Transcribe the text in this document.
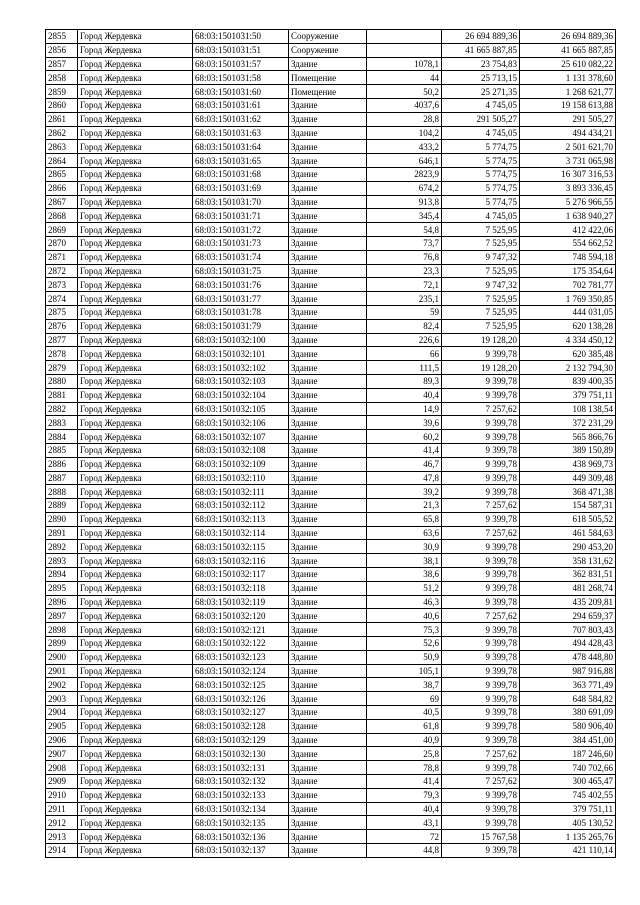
2855	Город Жердевка	68:03:1501031:50	Сооружение		26 694 889,36	26 694 889,36
2856	Город Жердевка	68:03:1501031:51	Сооружение		41 665 887,85	41 665 887,85
2857	Город Жердевка	68:03:1501031:57	Здание	1078,1	23 754,83	25 610 082,22
2858	Город Жердевка	68:03:1501031:58	Помещение	44	25 713,15	1 131 378,60
2859	Город Жердевка	68:03:1501031:60	Помещение	50,2	25 271,35	1 268 621,77
2860	Город Жердевка	68:03:1501031:61	Здание	4037,6	4 745,05	19 158 613,88
2861	Город Жердевка	68:03:1501031:62	Здание	28,8	291 505,27	291 505,27
2862	Город Жердевка	68:03:1501031:63	Здание	104,2	4 745,05	494 434,21
2863	Город Жердевка	68:03:1501031:64	Здание	433,2	5 774,75	2 501 621,70
2864	Город Жердевка	68:03:1501031:65	Здание	646,1	5 774,75	3 731 065,98
2865	Город Жердевка	68:03:1501031:68	Здание	2823,9	5 774,75	16 307 316,53
2866	Город Жердевка	68:03:1501031:69	Здание	674,2	5 774,75	3 893 336,45
2867	Город Жердевка	68:03:1501031:70	Здание	913,8	5 774,75	5 276 966,55
2868	Город Жердевка	68:03:1501031:71	Здание	345,4	4 745,05	1 638 940,27
2869	Город Жердевка	68:03:1501031:72	Здание	54,8	7 525,95	412 422,06
2870	Город Жердевка	68:03:1501031:73	Здание	73,7	7 525,95	554 662,52
2871	Город Жердевка	68:03:1501031:74	Здание	76,8	9 747,32	748 594,18
2872	Город Жердевка	68:03:1501031:75	Здание	23,3	7 525,95	175 354,64
2873	Город Жердевка	68:03:1501031:76	Здание	72,1	9 747,32	702 781,77
2874	Город Жердевка	68:03:1501031:77	Здание	235,1	7 525,95	1 769 350,85
2875	Город Жердевка	68:03:1501031:78	Здание	59	7 525,95	444 031,05
2876	Город Жердевка	68:03:1501031:79	Здание	82,4	7 525,95	620 138,28
2877	Город Жердевка	68:03:1501032:100	Здание	226,6	19 128,20	4 334 450,12
2878	Город Жердевка	68:03:1501032:101	Здание	66	9 399,78	620 385,48
2879	Город Жердевка	68:03:1501032:102	Здание	111,5	19 128,20	2 132 794,30
2880	Город Жердевка	68:03:1501032:103	Здание	89,3	9 399,78	839 400,35
2881	Город Жердевка	68:03:1501032:104	Здание	40,4	9 399,78	379 751,11
2882	Город Жердевка	68:03:1501032:105	Здание	14,9	7 257,62	108 138,54
2883	Город Жердевка	68:03:1501032:106	Здание	39,6	9 399,78	372 231,29
2884	Город Жердевка	68:03:1501032:107	Здание	60,2	9 399,78	565 866,76
2885	Город Жердевка	68:03:1501032:108	Здание	41,4	9 399,78	389 150,89
2886	Город Жердевка	68:03:1501032:109	Здание	46,7	9 399,78	438 969,73
2887	Город Жердевка	68:03:1501032:110	Здание	47,8	9 399,78	449 309,48
2888	Город Жердевка	68:03:1501032:111	Здание	39,2	9 399,78	368 471,38
2889	Город Жердевка	68:03:1501032:112	Здание	21,3	7 257,62	154 587,31
2890	Город Жердевка	68:03:1501032:113	Здание	65,8	9 399,78	618 505,52
2891	Город Жердевка	68:03:1501032:114	Здание	63,6	7 257,62	461 584,63
2892	Город Жердевка	68:03:1501032:115	Здание	30,9	9 399,78	290 453,20
2893	Город Жердевка	68:03:1501032:116	Здание	38,1	9 399,78	358 131,62
2894	Город Жердевка	68:03:1501032:117	Здание	38,6	9 399,78	362 831,51
2895	Город Жердевка	68:03:1501032:118	Здание	51,2	9 399,78	481 268,74
2896	Город Жердевка	68:03:1501032:119	Здание	46,3	9 399,78	435 209,81
2897	Город Жердевка	68:03:1501032:120	Здание	40,6	7 257,62	294 659,37
2898	Город Жердевка	68:03:1501032:121	Здание	75,3	9 399,78	707 803,43
2899	Город Жердевка	68:03:1501032:122	Здание	52,6	9 399,78	494 428,43
2900	Город Жердевка	68:03:1501032:123	Здание	50,9	9 399,78	478 448,80
2901	Город Жердевка	68:03:1501032:124	Здание	105,1	9 399,78	987 916,88
2902	Город Жердевка	68:03:1501032:125	Здание	38,7	9 399,78	363 771,49
2903	Город Жердевка	68:03:1501032:126	Здание	69	9 399,78	648 584,82
2904	Город Жердевка	68:03:1501032:127	Здание	40,5	9 399,78	380 691,09
2905	Город Жердевка	68:03:1501032:128	Здание	61,8	9 399,78	580 906,40
2906	Город Жердевка	68:03:1501032:129	Здание	40,9	9 399,78	384 451,00
2907	Город Жердевка	68:03:1501032:130	Здание	25,8	7 257,62	187 246,60
2908	Город Жердевка	68:03:1501032:131	Здание	78,8	9 399,78	740 702,66
2909	Город Жердевка	68:03:1501032:132	Здание	41,4	7 257,62	300 465,47
2910	Город Жердевка	68:03:1501032:133	Здание	79,3	9 399,78	745 402,55
2911	Город Жердевка	68:03:1501032:134	Здание	40,4	9 399,78	379 751,11
2912	Город Жердевка	68:03:1501032:135	Здание	43,1	9 399,78	405 130,52
2913	Город Жердевка	68:03:1501032:136	Здание	72	15 767,58	1 135 265,76
2914	Город Жердевка	68:03:1501032:137	Здание	44,8	9 399,78	421 110,14
